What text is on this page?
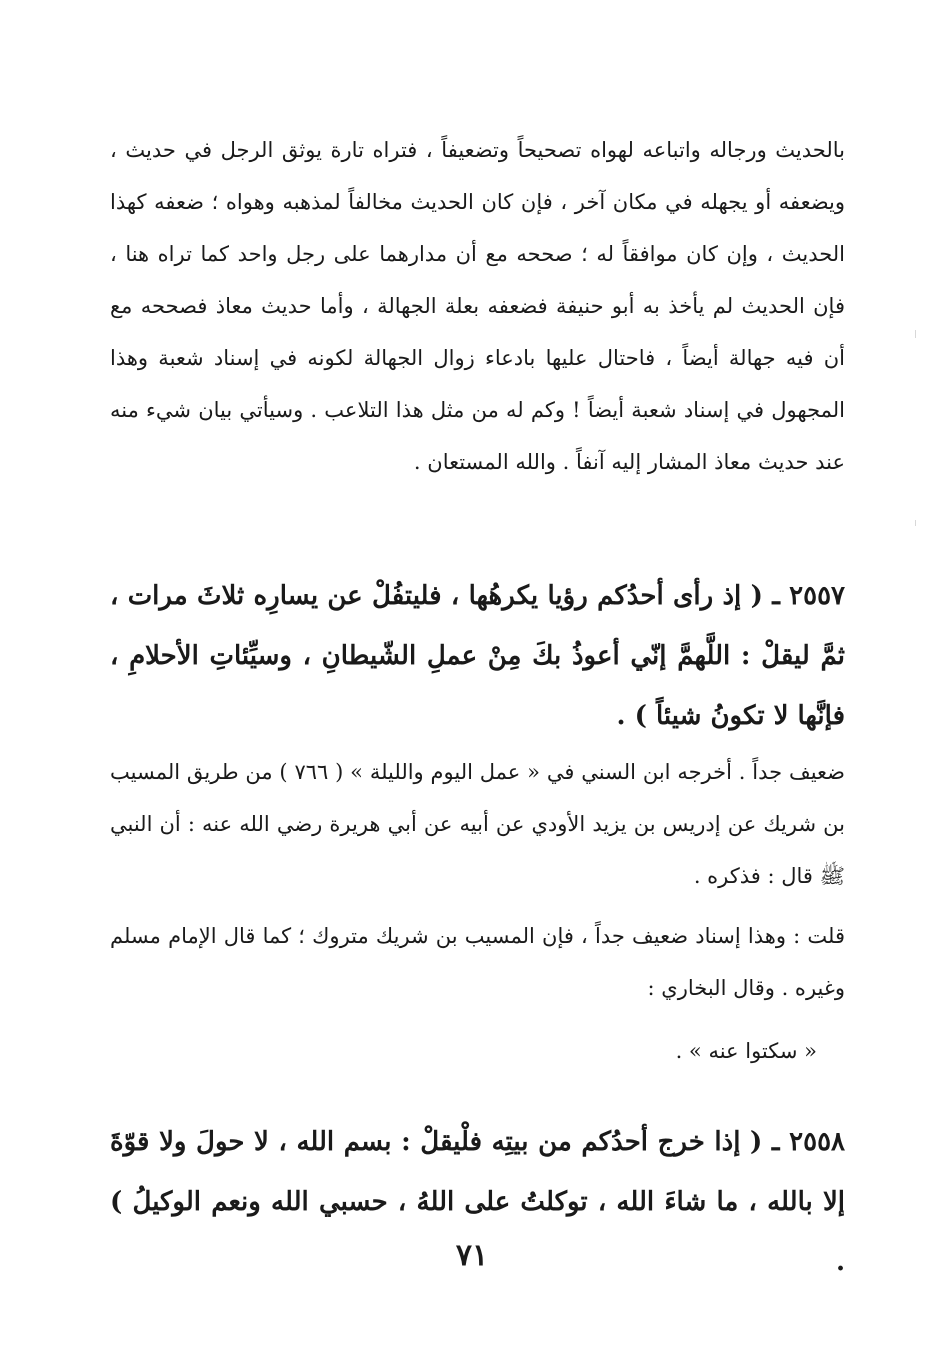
بالحديث ورجاله واتباعه لهواه تصحيحاً وتضعيفاً ، فتراه تارة يوثق الرجل في حديث ، ويضعفه أو يجهله في مكان آخر ، فإن كان الحديث مخالفاً لمذهبه وهواه ؛ ضعفه كهذا الحديث ، وإن كان موافقاً له ؛ صححه مع أن مدارهما على رجل واحد كما تراه هنا ، فإن الحديث لم يأخذ به أبو حنيفة فضعفه بعلة الجهالة ، وأما حديث معاذ فصححه مع أن فيه جهالة أيضاً ، فاحتال عليها بادعاء زوال الجهالة لكونه في إسناد شعبة وهذا المجهول في إسناد شعبة أيضاً ! وكم له من مثل هذا التلاعب . وسيأتي بيان شيء منه عند حديث معاذ المشار إليه آنفاً . والله المستعان .

٢٥٥٧ ـ ( إذ رأى أحدُكم رؤيا يكرهُها ، فليتفُلْ عن يسارِه ثلاثَ مرات ، ثمَّ ليقلْ : اللَّهمَّ إنّي أعوذُ بكَ مِنْ عملِ الشّيطانِ ، وسيِّئاتِ الأحلامِ ، فإنَّها لا تكونُ شيئاً ) .

ضعيف جداً . أخرجه ابن السني في « عمل اليوم والليلة » ( ٧٦٦ ) من طريق المسيب بن شريك عن إدريس بن يزيد الأودي عن أبيه عن أبي هريرة رضي الله عنه : أن النبي ﷺ قال : فذكره .

قلت : وهذا إسناد ضعيف جداً ، فإن المسيب بن شريك متروك ؛ كما قال الإمام مسلم وغيره . وقال البخاري :

« سكتوا عنه » .

٢٥٥٨ ـ ( إذا خرج أحدُكم من بيتِه فلْيقلْ : بسم الله ، لا حولَ ولا قوّةَ إلا بالله ، ما شاءَ الله ، توكلتُ على اللهُ ، حسبي الله ونعم الوكيلُ ) .

٧١
